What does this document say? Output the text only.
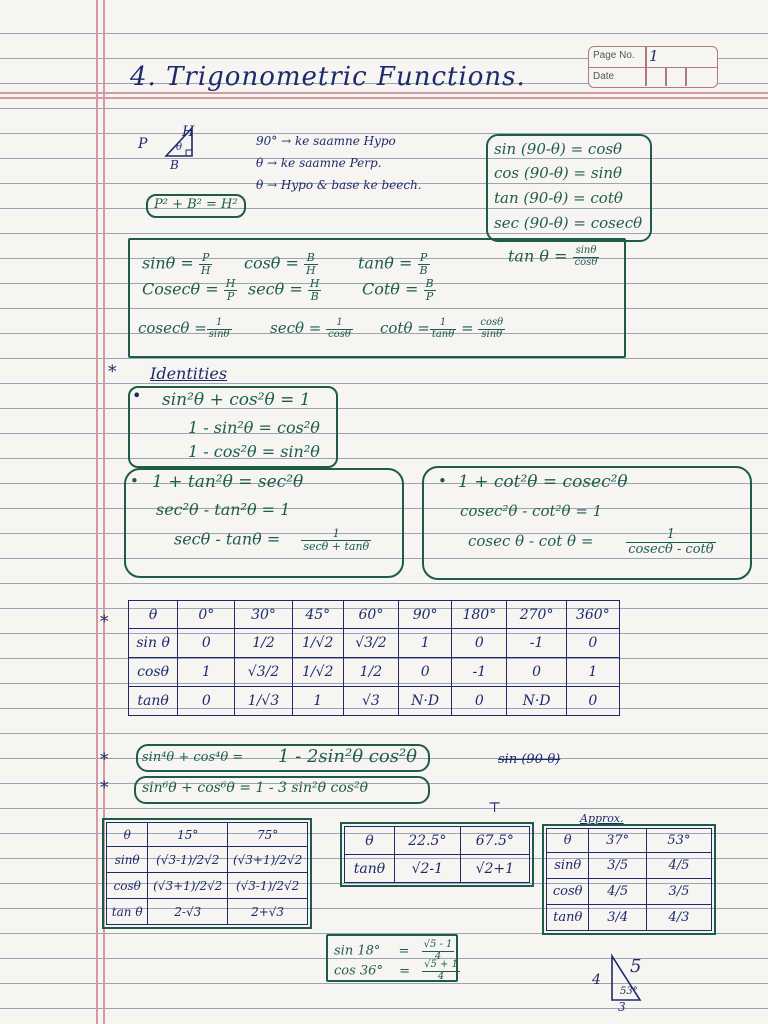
Page No. 1
Date
4. Trigonometric Functions.
P
H
B
θ	90° → ke saamne Hypo
θ → ke saamne Perp.
θ → Hypo & base ke beech.
P² + B² = H²
sin (90-θ) = cosθ
cos (90-θ) = sinθ
tan (90-θ) = cotθ
sec (90-θ) = cosecθ
$\sin\theta = \frac{P}{H}$ $\cos\theta = \frac{B}{H}$	$\tan\theta = \frac{P}{B}$	$\tan \theta = \frac{\sin\theta}{\cos\theta}$
$Cosec\theta = \frac{H}{P}$ $\sec\theta = \frac{H}{B}$	$Cot\theta = \frac{B}{P}$
$cosec\theta = \frac{1}{\sin\theta}$	$\sec\theta = \frac{1}{\cos\theta}$ $\cot\theta = \frac{1}{\tan\theta} = \frac{\cos\theta}{\sin\theta}$
* Identities
• sin²θ + cos²θ = 1
1 - sin²θ = cos²θ
1 - cos²θ = sin²θ
• 1 + tan²θ = sec²θ
sec²θ - tan²θ = 1
$\sec\theta - \tan\theta = \frac{1}{\sec\theta + \tan\theta}$
• 1 + cot²θ = cosec²θ
cosec²θ - cot²θ = 1
cosec θ - cot θ =	$\frac{1}{cosec\theta - \cot\theta}$
*	θ	0°	30°	45°	60°	90°	180°	270°	360°
sin θ	0	1/2	1/√2	√3/2	1	0	-1	0
cosθ	1	√3/2	1/√2	1/2	0	-1	0	1
tanθ	0	1/√3	1	√3	N·D	0	N·D	0
*	sin⁴θ + cos⁴θ = 1 - 2sin²θ cos²θ	sin (90-θ)
* sin⁶θ + cos⁶θ = 1 - 3 sin²θ cos²θ
⊤
θ	15°	75°
sinθ	(√3-1)/2√2	(√3+1)/2√2
cosθ	(√3+1)/2√2	(√3-1)/2√2
tan θ	2-√3	2+√3
θ	22.5°	67.5°
tanθ	√2-1	√2+1
Approx.
θ	37°	53°
sinθ	3/5	4/5
cosθ	4/5	3/5
tanθ	3/4	4/3
$\sin 18^\circ = \frac{√5 - 1}{4}$
$\cos 36^\circ = \frac{√5 + 1}{4}$	4
5
3
53°
